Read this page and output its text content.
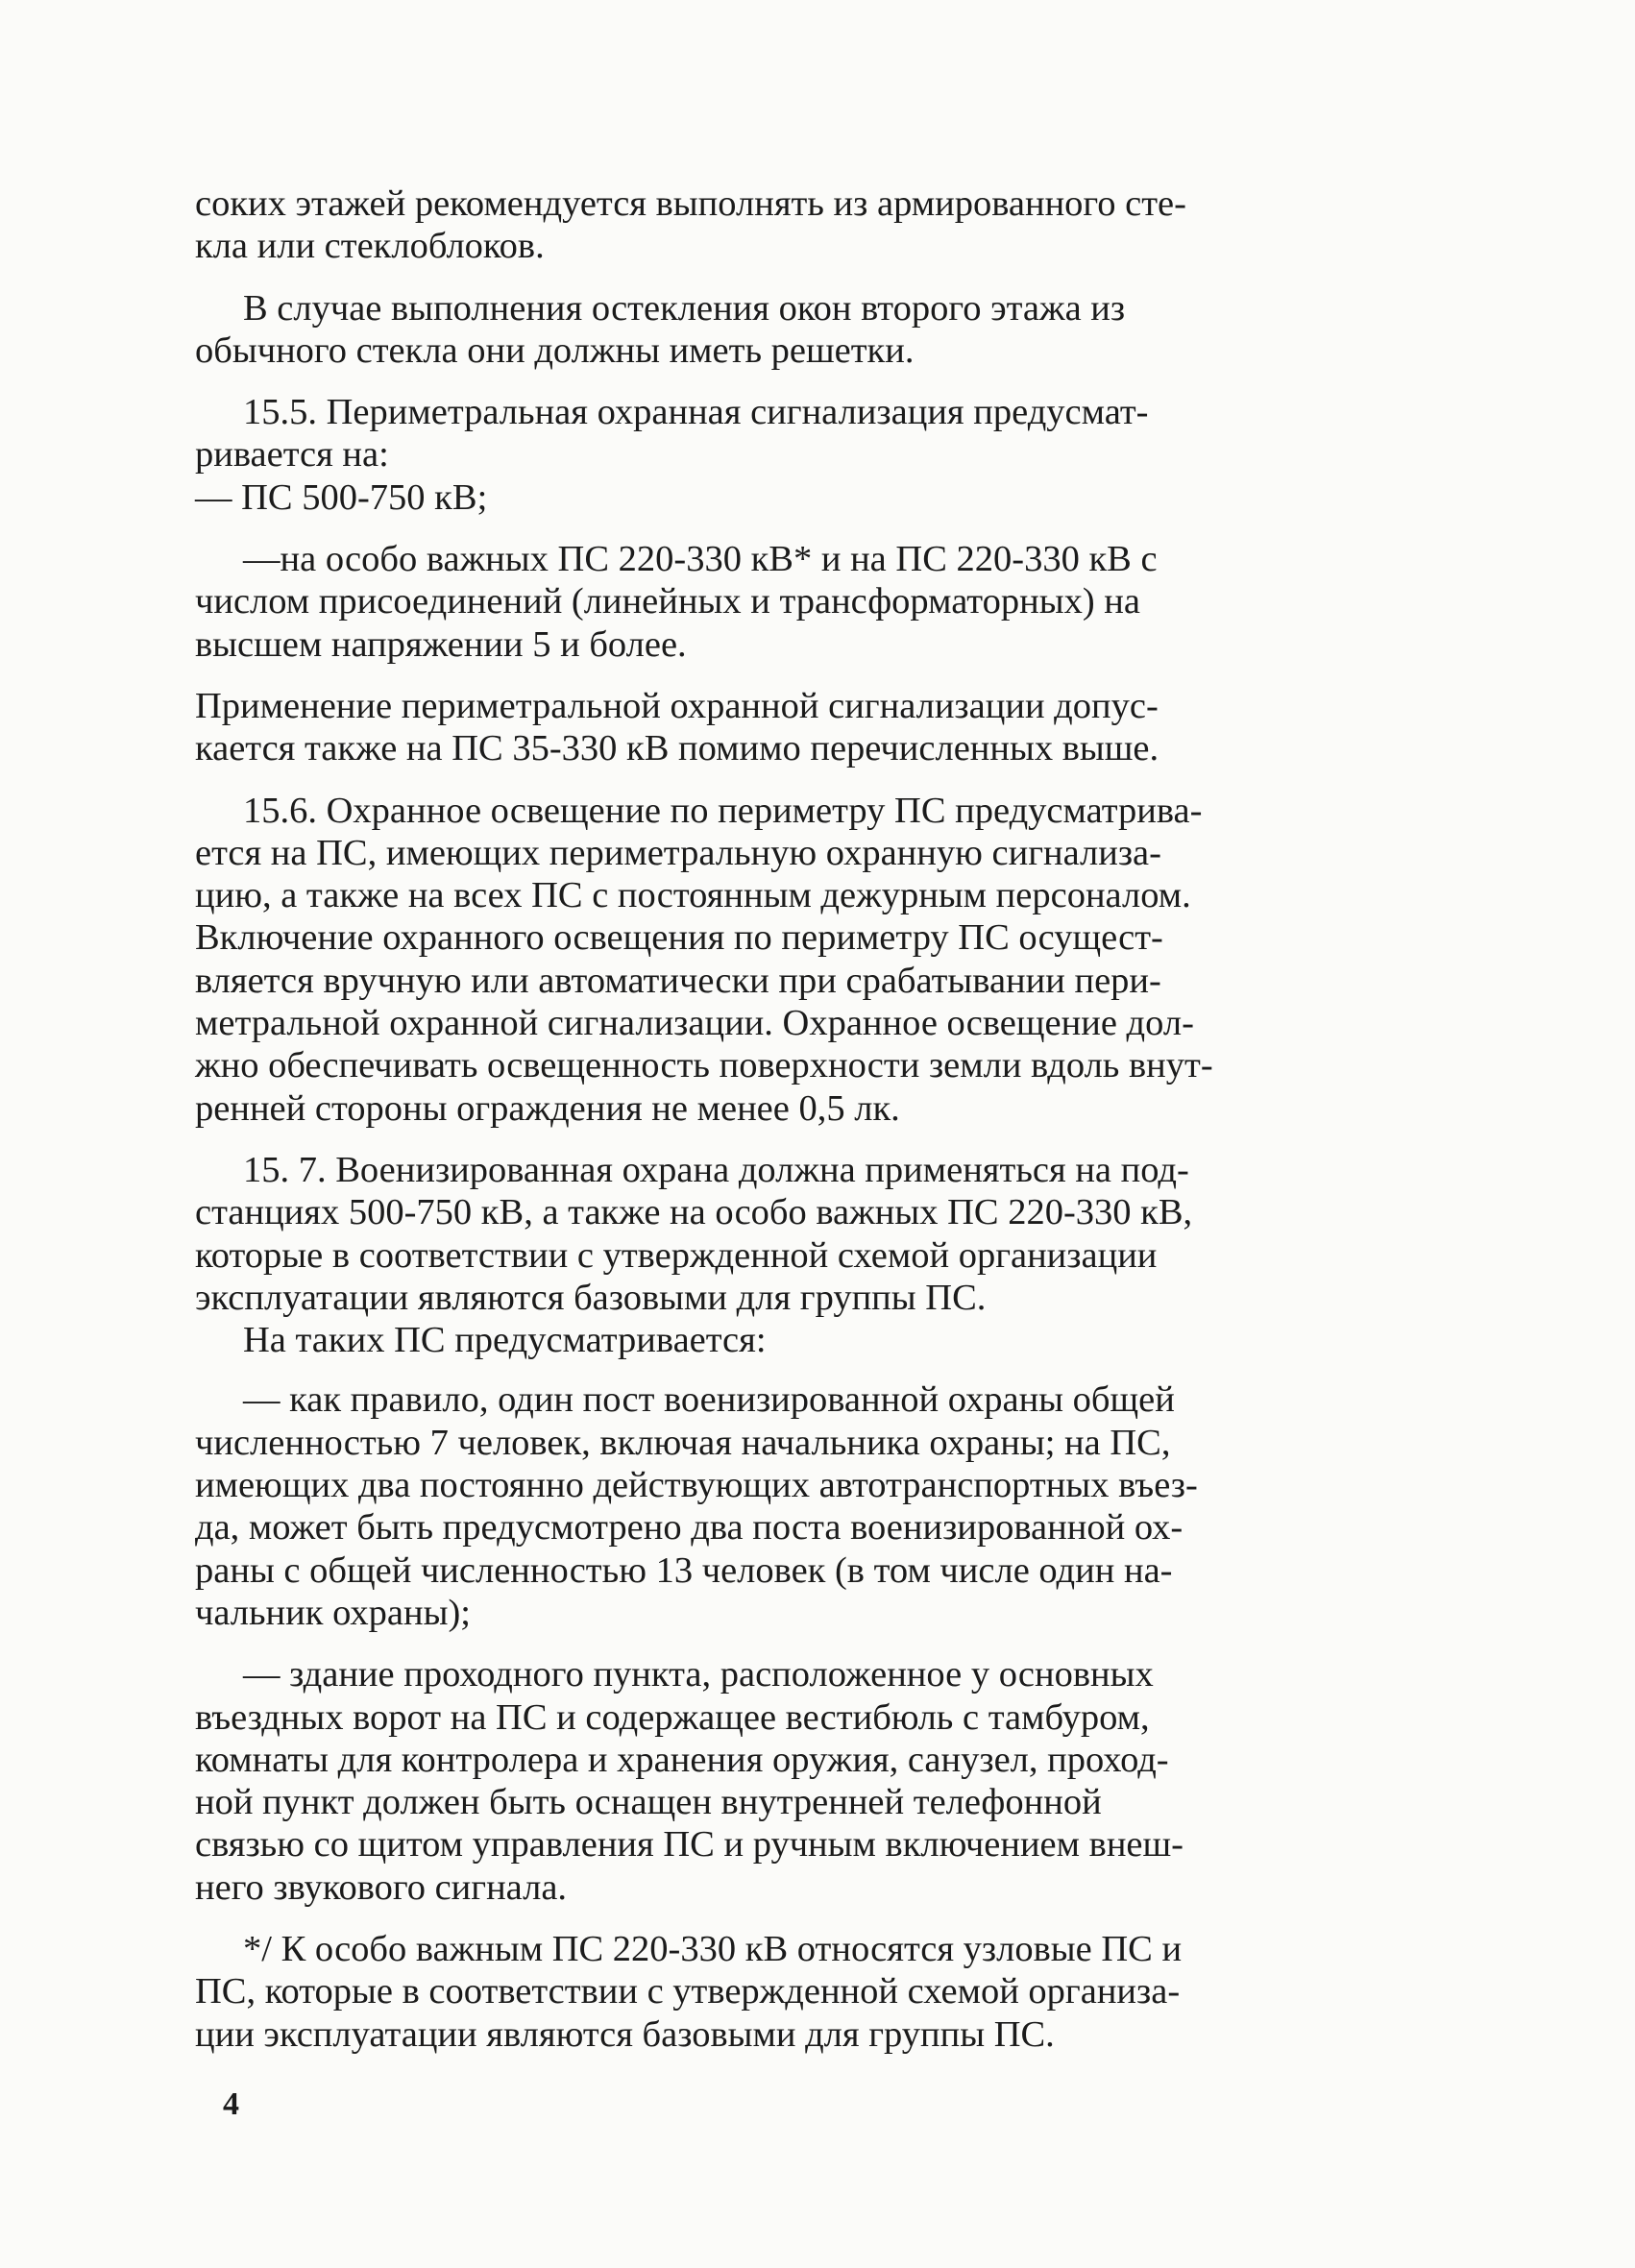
соких этажей рекомендуется выполнять из армированного сте-
кла или стеклоблоков.
В случае выполнения остекления окон второго этажа из
обычного стекла они должны иметь решетки.
15.5. Периметральная охранная сигнализация предусмат-
ривается на:
— ПС 500-750 кВ;
—на особо важных ПС 220-330 кВ* и на ПС 220-330 кВ с
числом присоединений (линейных и трансформаторных) на
высшем напряжении 5 и более.
Применение периметральной охранной сигнализации допус-
кается также на ПС 35-330 кВ помимо перечисленных выше.
15.6. Охранное освещение по периметру ПС предусматрива-
ется на ПС, имеющих периметральную охранную сигнализа-
цию, а также на всех ПС с постоянным дежурным персоналом.
Включение охранного освещения по периметру ПС осущест-
вляется вручную или автоматически при срабатывании пери-
метральной охранной сигнализации. Охранное освещение дол-
жно обеспечивать освещенность поверхности земли вдоль внут-
ренней стороны ограждения не менее 0,5 лк.
15. 7. Военизированная охрана должна применяться на под-
станциях 500-750 кВ, а также на особо важных ПС 220-330 кВ,
которые в соответствии с утвержденной схемой организации
эксплуатации являются базовыми для группы ПС.
На таких ПС предусматривается:
— как правило, один пост военизированной охраны общей
численностью 7 человек, включая начальника охраны; на ПС,
имеющих два постоянно действующих автотранспортных въез-
да, может быть предусмотрено два поста военизированной ох-
раны с общей численностью 13 человек (в том числе один на-
чальник охраны);
— здание проходного пункта, расположенное у основных
въездных ворот на ПС и содержащее вестибюль с тамбуром,
комнаты для контролера и хранения оружия, санузел, проход-
ной пункт должен быть оснащен внутренней телефонной
связью со щитом управления ПС и ручным включением внеш-
него звукового сигнала.
*/ К особо важным ПС 220-330 кВ относятся узловые ПС и
ПС, которые в соответствии с утвержденной схемой организа-
ции эксплуатации являются базовыми для группы ПС.
4
